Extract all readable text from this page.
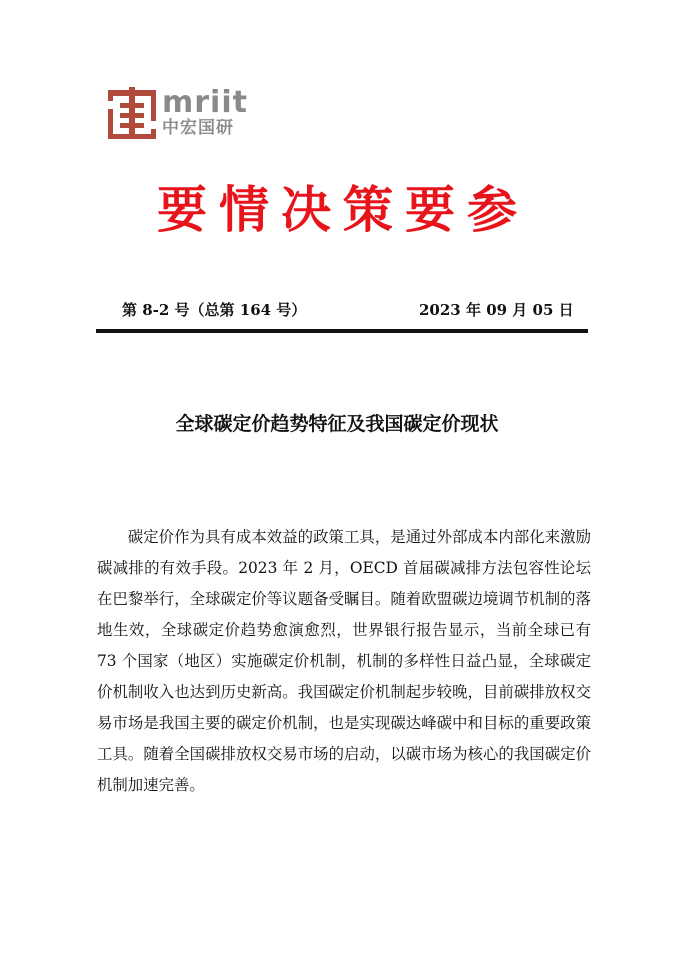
mriit
中宏国研
要情决策要参
第 8-2 号（总第 164 号）	2023 年 09 月 05 日
全球碳定价趋势特征及我国碳定价现状

碳定价作为具有成本效益的政策工具，是通过外部成本内部化来激励碳减排的有效手段。2023 年 2 月，OECD 首届碳减排方法包容性论坛在巴黎举行，全球碳定价等议题备受瞩目。随着欧盟碳边境调节机制的落地生效，全球碳定价趋势愈演愈烈，世界银行报告显示，当前全球已有 73 个国家（地区）实施碳定价机制，机制的多样性日益凸显，全球碳定价机制收入也达到历史新高。我国碳定价机制起步较晚，目前碳排放权交易市场是我国主要的碳定价机制，也是实现碳达峰碳中和目标的重要政策工具。随着全国碳排放权交易市场的启动，以碳市场为核心的我国碳定价机制加速完善。
